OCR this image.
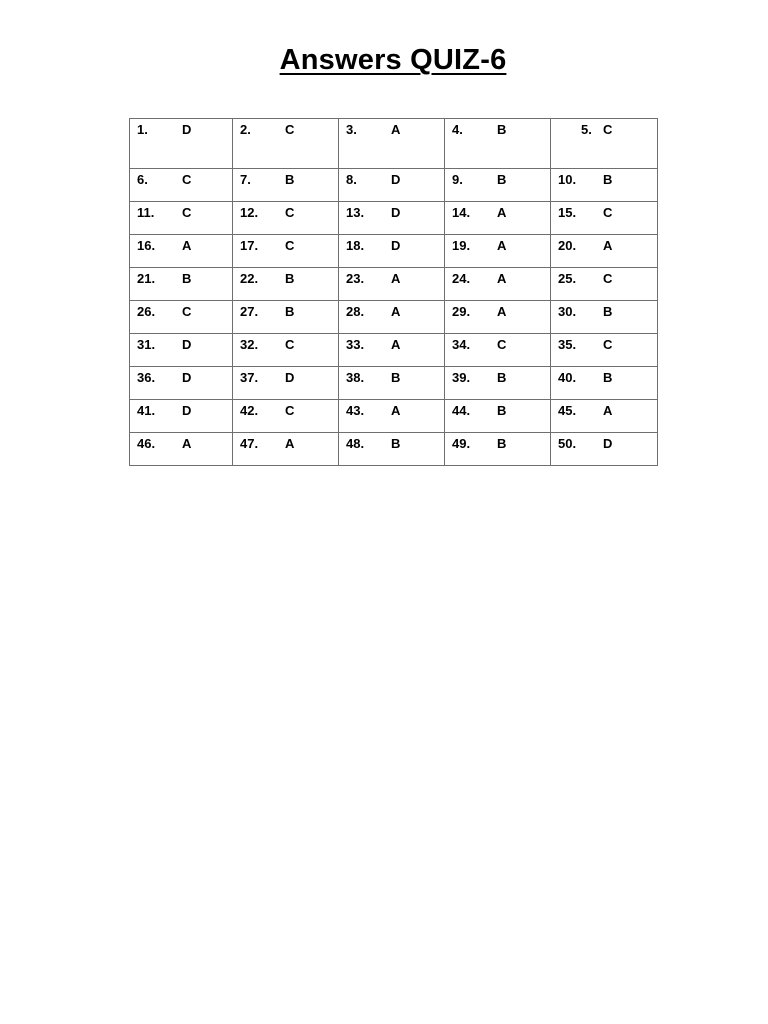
Answers QUIZ-6
1. D	2. C	3. A	4. B	5. C

6. C	7. B	8. D	9. B	10. B

11. C	12. C	13. D	14. A	15. C

16. A	17. C	18. D	19. A	20. A

21. B	22. B	23. A	24. A	25. C

26. C	27. B	28. A	29. A	30. B

31. D	32. C	33. A	34. C	35. C

36. D	37. D	38. B	39. B	40. B

41. D	42. C	43. A	44. B	45. A

46. A	47. A	48. B	49. B	50. D
